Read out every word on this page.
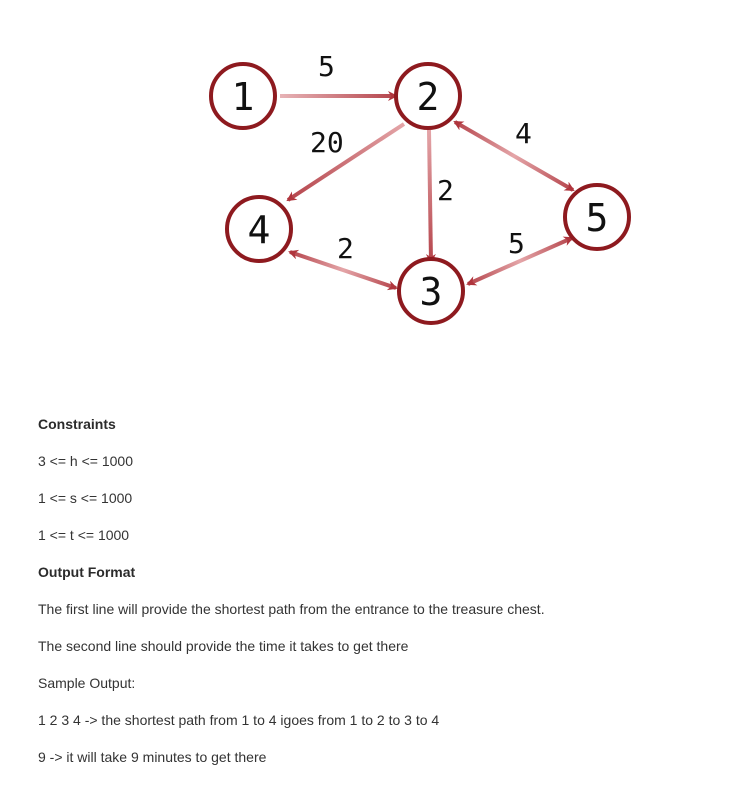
5
20
2
4
2	5
1	2
4
3
5
Constraints
3 <= h <= 1000
1 <= s <= 1000
1 <= t <= 1000
Output Format
The first line will provide the shortest path from the entrance to the treasure chest.
The second line should provide the time it takes to get there
Sample Output:
1 2 3 4 -> the shortest path from 1 to 4 igoes from 1 to 2 to 3 to 4
9 -> it will take 9 minutes to get there
